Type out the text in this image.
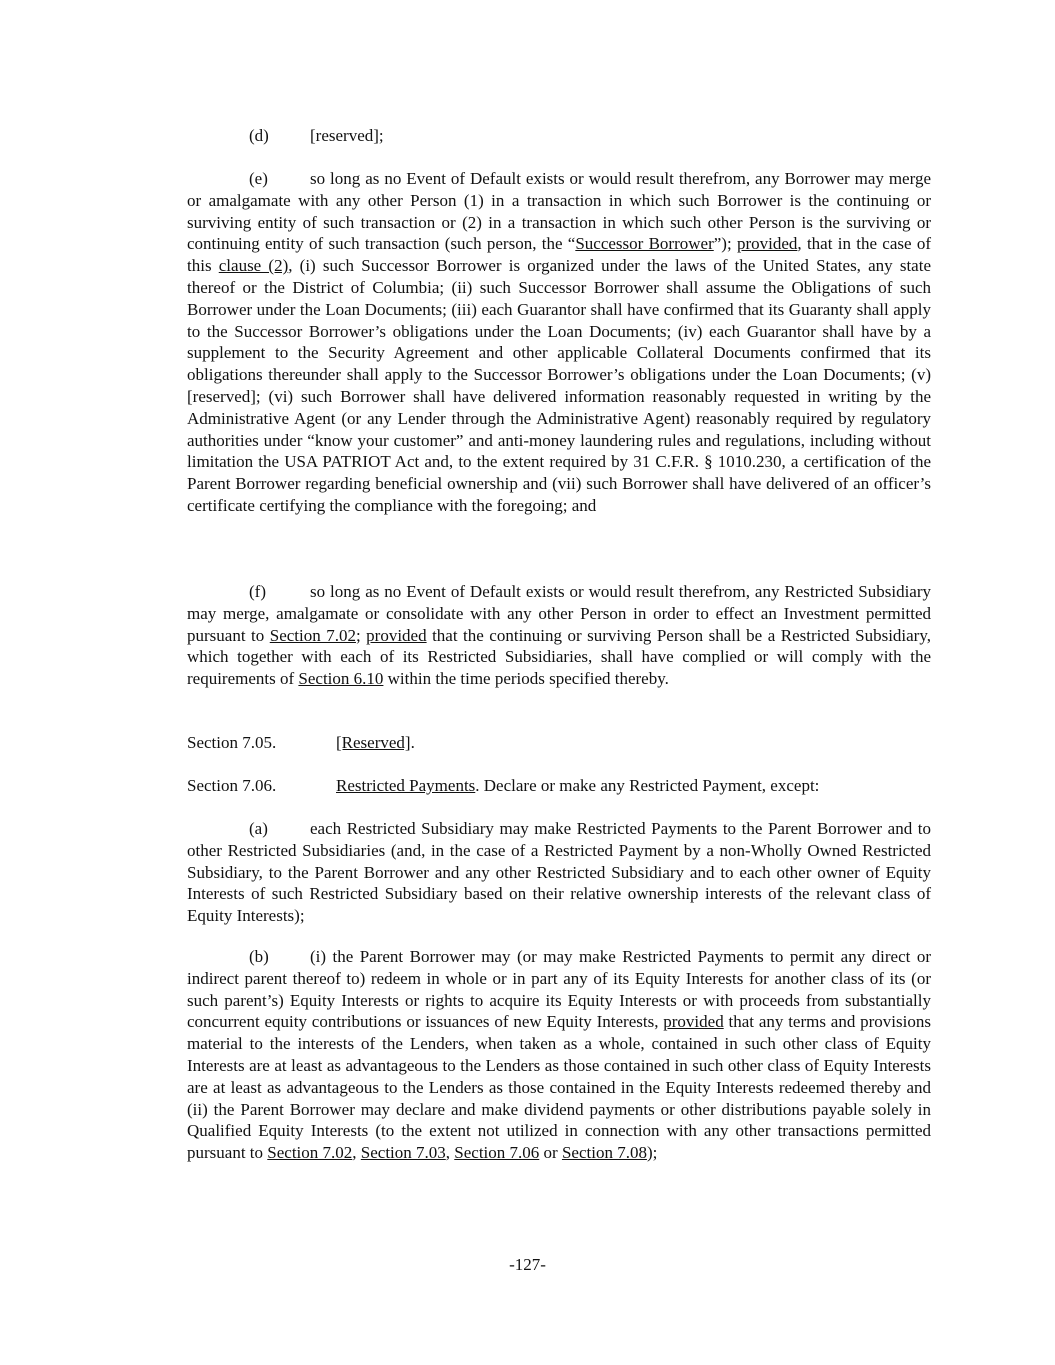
(d) [reserved];
(e) so long as no Event of Default exists or would result therefrom, any Borrower may merge or amalgamate with any other Person (1) in a transaction in which such Borrower is the continuing or surviving entity of such transaction or (2) in a transaction in which such other Person is the surviving or continuing entity of such transaction (such person, the “Successor Borrower”); provided, that in the case of this clause (2), (i) such Successor Borrower is organized under the laws of the United States, any state thereof or the District of Columbia; (ii) such Successor Borrower shall assume the Obligations of such Borrower under the Loan Documents; (iii) each Guarantor shall have confirmed that its Guaranty shall apply to the Successor Borrower’s obligations under the Loan Documents; (iv) each Guarantor shall have by a supplement to the Security Agreement and other applicable Collateral Documents confirmed that its obligations thereunder shall apply to the Successor Borrower’s obligations under the Loan Documents; (v) [reserved]; (vi) such Borrower shall have delivered information reasonably requested in writing by the Administrative Agent (or any Lender through the Administrative Agent) reasonably required by regulatory authorities under “know your customer” and anti-money laundering rules and regulations, including without limitation the USA PATRIOT Act and, to the extent required by 31 C.F.R. § 1010.230, a certification of the Parent Borrower regarding beneficial ownership and (vii) such Borrower shall have delivered of an officer’s certificate certifying the compliance with the foregoing; and
(f)	so long as no Event of Default exists or would result therefrom, any Restricted Subsidiary may merge, amalgamate or consolidate with any other Person in order to effect an Investment permitted pursuant to Section 7.02; provided that the continuing or surviving Person shall be a Restricted Subsidiary, which together with each of its Restricted Subsidiaries, shall have complied or will comply with the requirements of Section 6.10 within the time periods specified thereby.
Section 7.05.	[Reserved].
Section 7.06.	Restricted Payments. Declare or make any Restricted Payment, except:
(a) each Restricted Subsidiary may make Restricted Payments to the Parent Borrower and to other Restricted Subsidiaries (and, in the case of a Restricted Payment by a non-Wholly Owned Restricted Subsidiary, to the Parent Borrower and any other Restricted Subsidiary and to each other owner of Equity Interests of such Restricted Subsidiary based on their relative ownership interests of the relevant class of Equity Interests);
(b) (i) the Parent Borrower may (or may make Restricted Payments to permit any direct or indirect parent thereof to) redeem in whole or in part any of its Equity Interests for another class of its (or such parent’s) Equity Interests or rights to acquire its Equity Interests or with proceeds from substantially concurrent equity contributions or issuances of new Equity Interests, provided that any terms and provisions material to the interests of the Lenders, when taken as a whole, contained in such other class of Equity Interests are at least as advantageous to the Lenders as those contained in such other class of Equity Interests are at least as advantageous to the Lenders as those contained in the Equity Interests redeemed thereby and (ii) the Parent Borrower may declare and make dividend payments or other distributions payable solely in Qualified Equity Interests (to the extent not utilized in connection with any other transactions permitted pursuant to Section 7.02, Section 7.03, Section 7.06 or Section 7.08);
-127-
